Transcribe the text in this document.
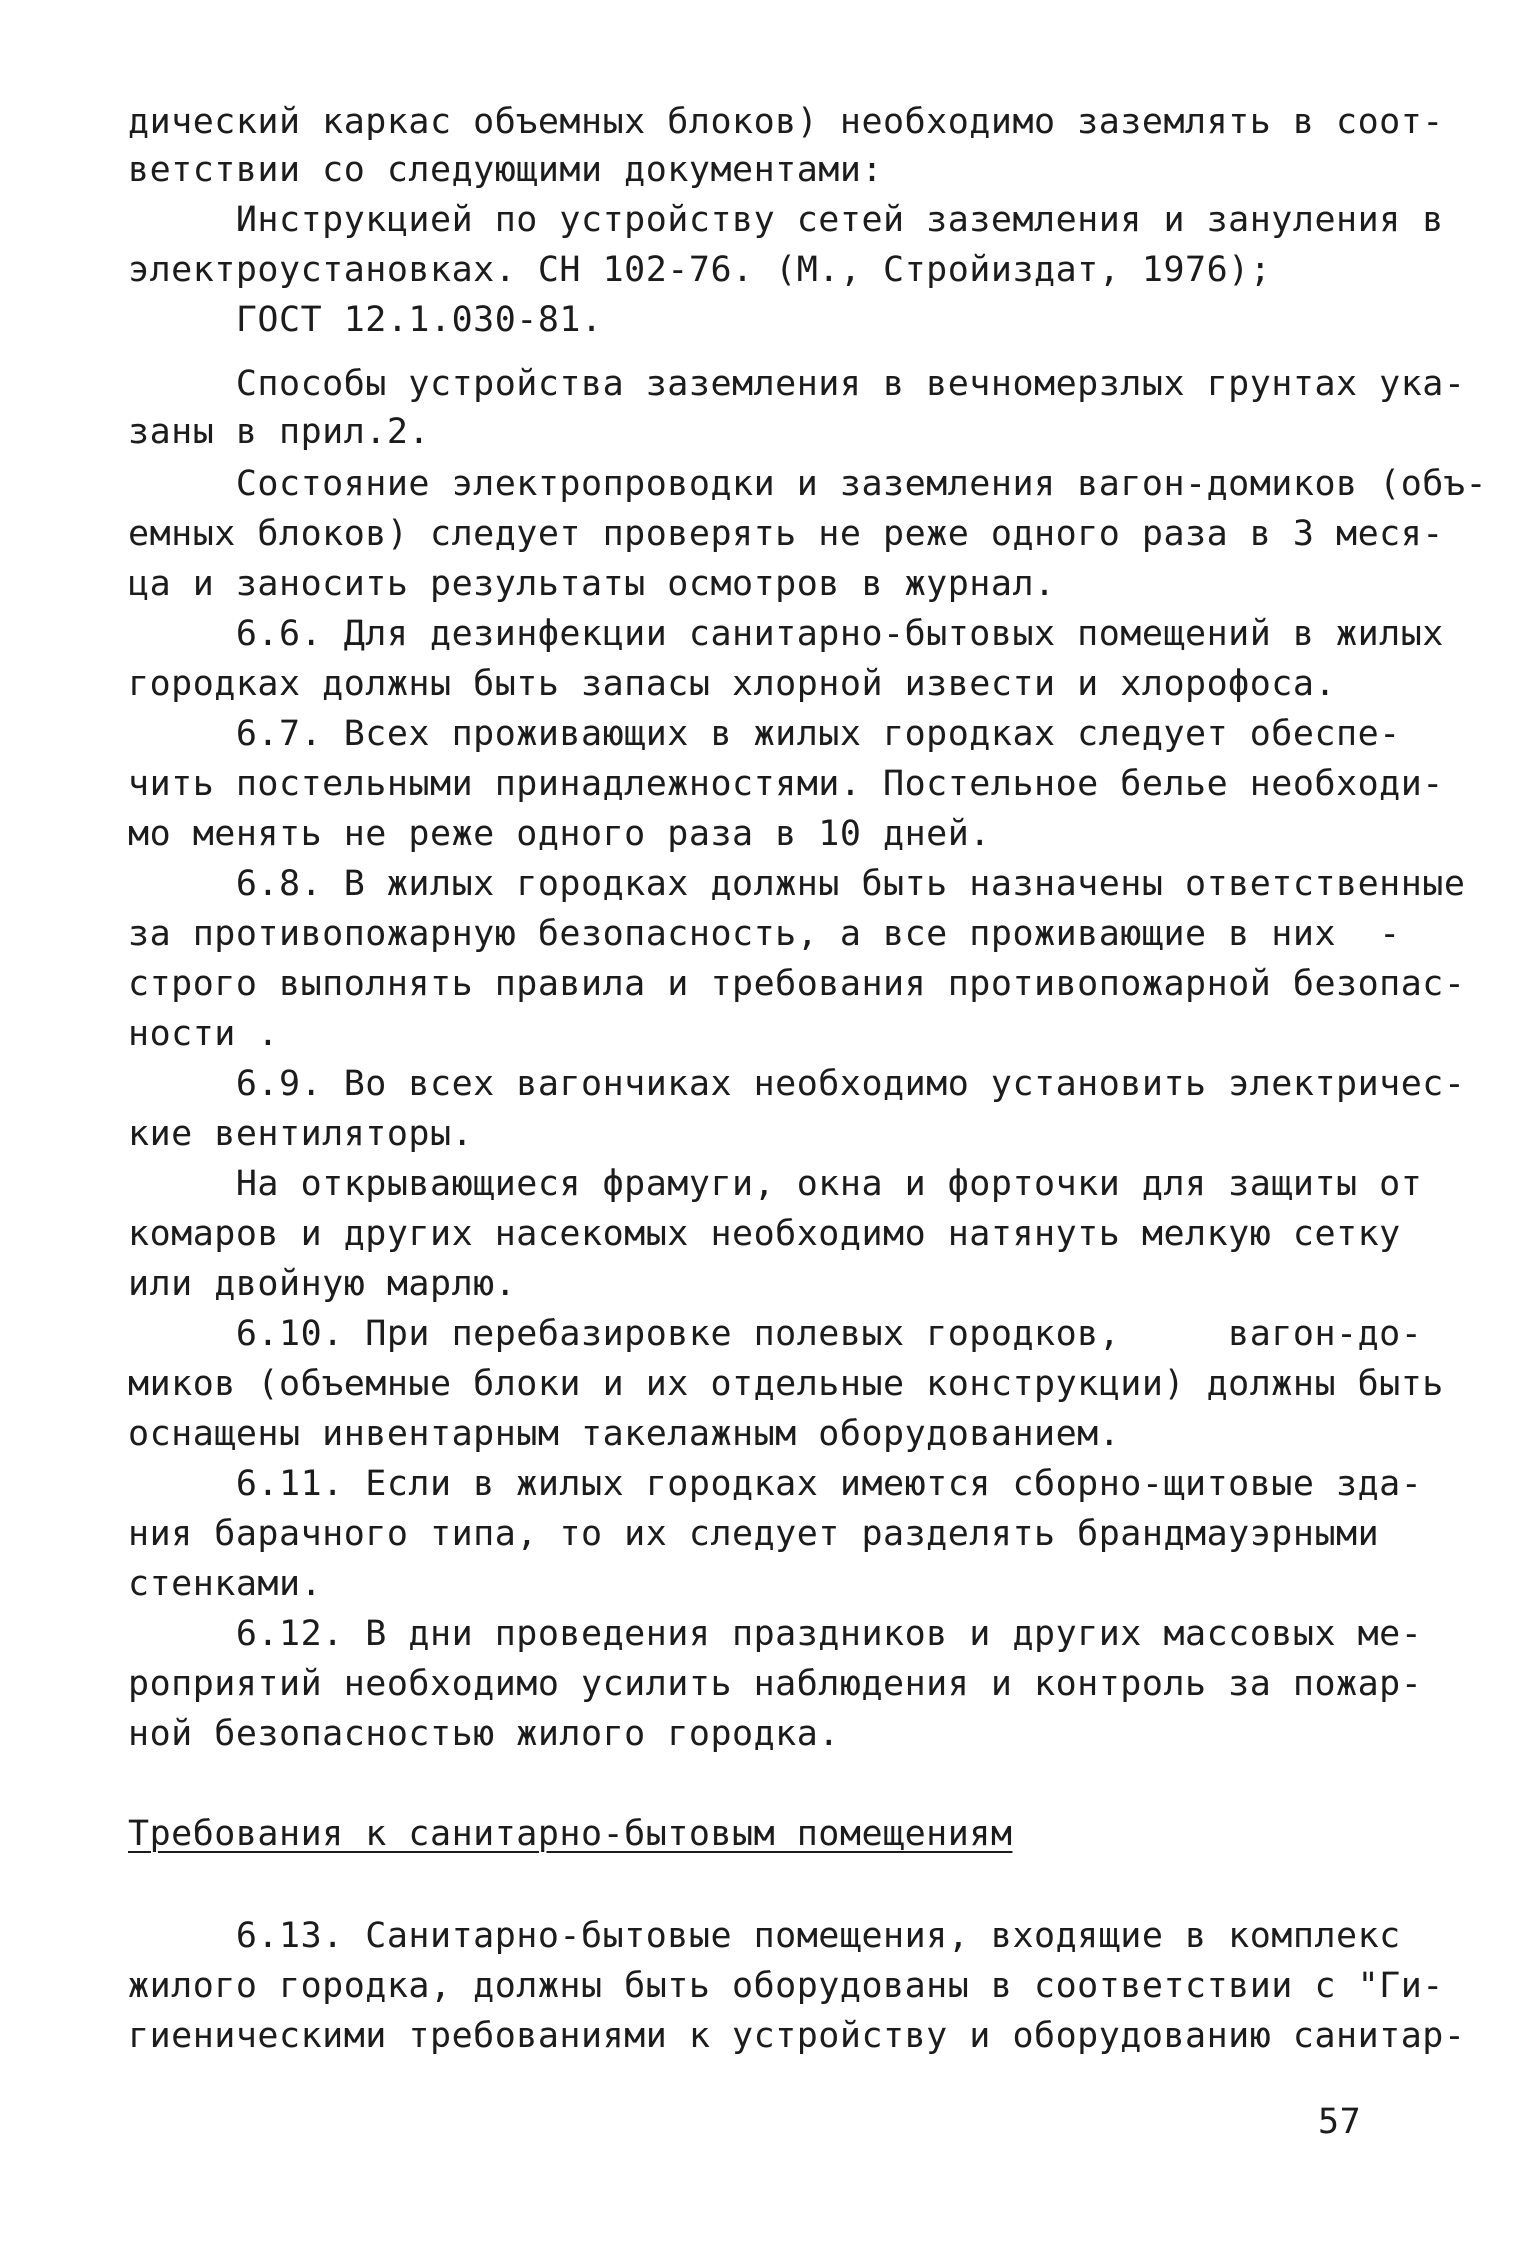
дический каркас объемных блоков) необходимо заземлять в соот-
ветствии со следующими документами:
Инструкцией по устройству сетей заземления и зануления в
электроустановках. СН 102-76. (М., Стройиздат, 1976);
ГОСТ 12.1.030-81.
Способы устройства заземления в вечномерзлых грунтах ука-
заны в прил.2.
Состояние электропроводки и заземления вагон-домиков (объ-
емных блоков) следует проверять не реже одного раза в 3 меся-
ца и заносить результаты осмотров в журнал.
6.6. Для дезинфекции санитарно-бытовых помещений в жилых
городках должны быть запасы хлорной извести и хлорофоса.
6.7. Всех проживающих в жилых городках следует обеспе-
чить постельными принадлежностями. Постельное белье необходи-
мо менять не реже одного раза в 10 дней.
6.8. В жилых городках должны быть назначены ответственные
за противопожарную безопасность, а все проживающие в них  -
строго выполнять правила и требования противопожарной безопас-
ности .
6.9. Во всех вагончиках необходимо установить электричес-
кие вентиляторы.
На открывающиеся фрамуги, окна и форточки для защиты от
комаров и других насекомых необходимо натянуть мелкую сетку
или двойную марлю.
6.10. При перебазировке полевых городков,     вагон-до-
миков (объемные блоки и их отдельные конструкции) должны быть
оснащены инвентарным такелажным оборудованием.
6.11. Если в жилых городках имеются сборно-щитовые зда-
ния барачного типа, то их следует разделять брандмауэрными
стенками.
6.12. В дни проведения праздников и других массовых ме-
роприятий необходимо усилить наблюдения и контроль за пожар-
ной безопасностью жилого городка.
Требования к санитарно-бытовым помещениям
6.13. Санитарно-бытовые помещения, входящие в комплекс
жилого городка, должны быть оборудованы в соответствии с "Ги-
гиеническими требованиями к устройству и оборудованию санитар-
57
